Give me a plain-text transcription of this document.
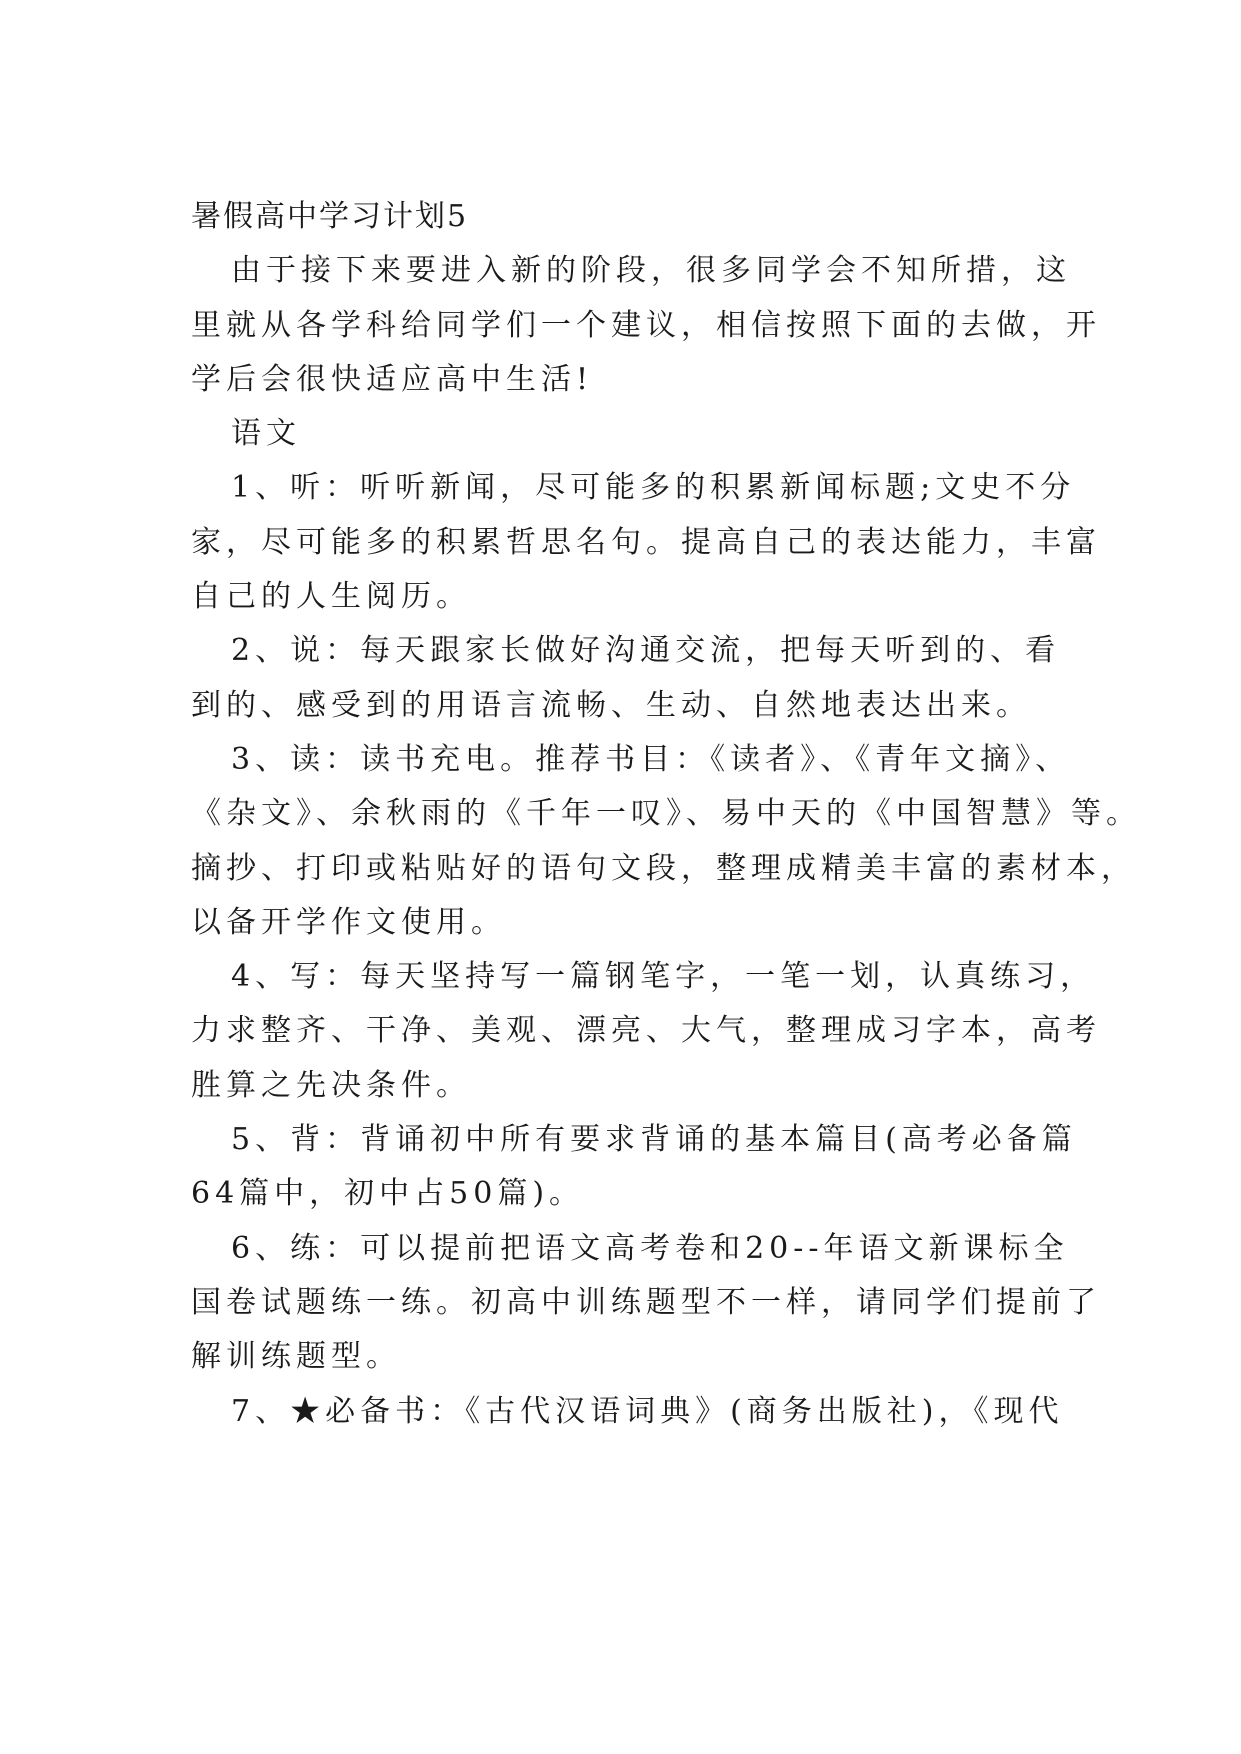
暑假高中学习计划5
由于接下来要进入新的阶段，很多同学会不知所措，这
里就从各学科给同学们一个建议，相信按照下面的去做，开
学后会很快适应高中生活!
语文
1、听：听听新闻，尽可能多的积累新闻标题;文史不分
家，尽可能多的积累哲思名句。提高自己的表达能力，丰富
自己的人生阅历。
2、说：每天跟家长做好沟通交流，把每天听到的、看
到的、感受到的用语言流畅、生动、自然地表达出来。
3、读：读书充电。推荐书目：《读者》、《青年文摘》、
《杂文》、余秋雨的《千年一叹》、易中天的《中国智慧》等。
摘抄、打印或粘贴好的语句文段，整理成精美丰富的素材本，
以备开学作文使用。
4、写：每天坚持写一篇钢笔字，一笔一划，认真练习，
力求整齐、干净、美观、漂亮、大气，整理成习字本，高考
胜算之先决条件。
5、背：背诵初中所有要求背诵的基本篇目(高考必备篇
64篇中，初中占50篇)。
6、练：可以提前把语文高考卷和20--年语文新课标全
国卷试题练一练。初高中训练题型不一样，请同学们提前了
解训练题型。
7、★必备书：《古代汉语词典》(商务出版社)，《现代
